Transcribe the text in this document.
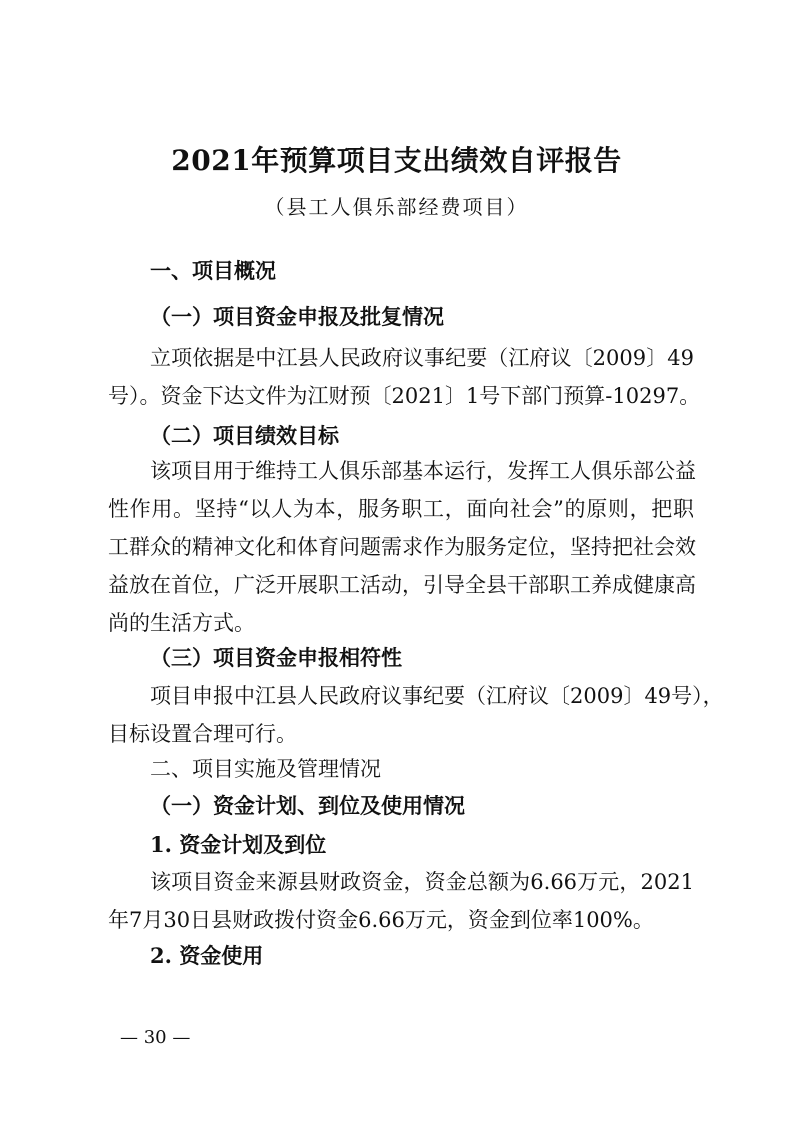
2021年预算项目支出绩效自评报告
（县工人俱乐部经费项目）
一、项目概况
（一）项目资金申报及批复情况
立项依据是中江县人民政府议事纪要（江府议〔2009〕49
号）。资金下达文件为江财预〔2021〕1号下部门预算-10297。
（二）项目绩效目标
该项目用于维持工人俱乐部基本运行，发挥工人俱乐部公益
性作用。坚持“以人为本，服务职工，面向社会”的原则，把职
工群众的精神文化和体育问题需求作为服务定位，坚持把社会效
益放在首位，广泛开展职工活动，引导全县干部职工养成健康高
尚的生活方式。
（三）项目资金申报相符性
项目申报中江县人民政府议事纪要（江府议〔2009〕49号），
目标设置合理可行。
二、项目实施及管理情况
（一）资金计划、到位及使用情况
1. 资金计划及到位
该项目资金来源县财政资金，资金总额为6.66万元，2021
年7月30日县财政拨付资金6.66万元，资金到位率100%。
2. 资金使用
— 30 —
